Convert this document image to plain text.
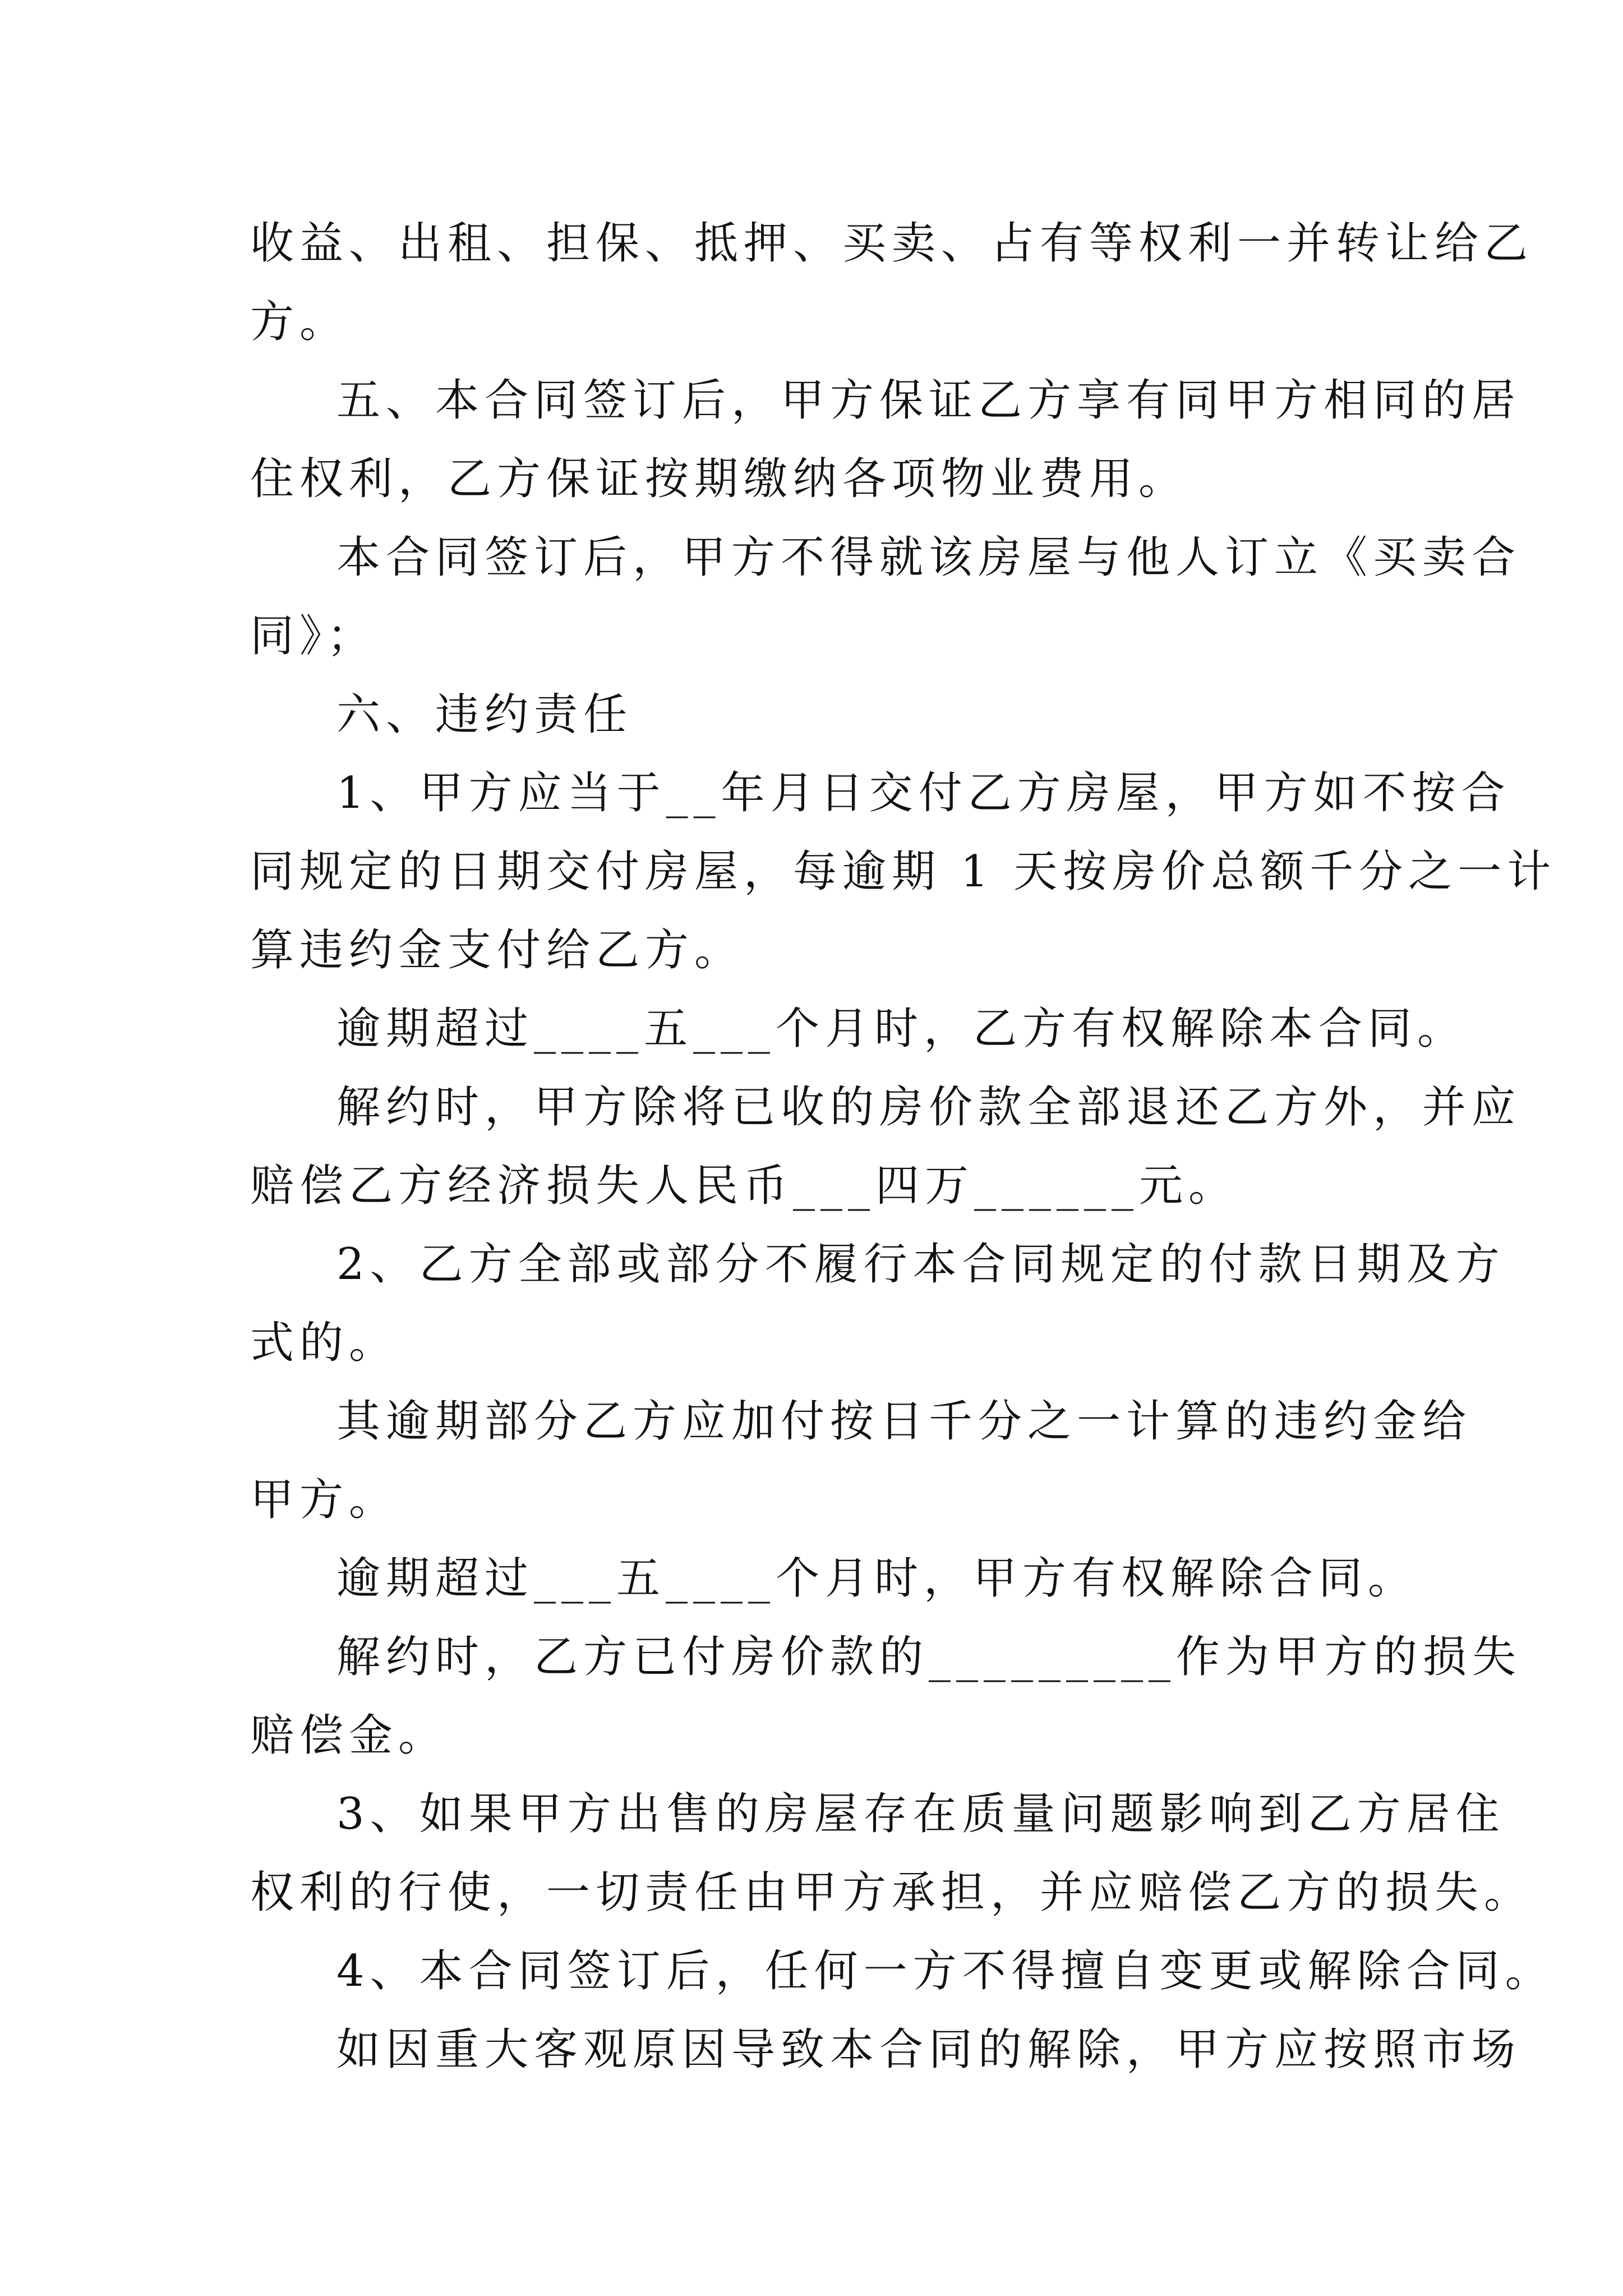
收益、出租、担保、抵押、买卖、占有等权利一并转让给乙

方。

五、本合同签订后，甲方保证乙方享有同甲方相同的居

住权利，乙方保证按期缴纳各项物业费用。

本合同签订后，甲方不得就该房屋与他人订立《买卖合

同》；

六、违约责任

1、甲方应当于__年月日交付乙方房屋，甲方如不按合

同规定的日期交付房屋，每逾期 1 天按房价总额千分之一计

算违约金支付给乙方。

逾期超过____五___个月时，乙方有权解除本合同。

解约时，甲方除将已收的房价款全部退还乙方外，并应

赔偿乙方经济损失人民币___四万______元。

2、乙方全部或部分不履行本合同规定的付款日期及方

式的。

其逾期部分乙方应加付按日千分之一计算的违约金给

甲方。

逾期超过___五____个月时，甲方有权解除合同。

解约时，乙方已付房价款的_________作为甲方的损失

赔偿金。

3、如果甲方出售的房屋存在质量问题影响到乙方居住

权利的行使，一切责任由甲方承担，并应赔偿乙方的损失。

4、本合同签订后，任何一方不得擅自变更或解除合同。

如因重大客观原因导致本合同的解除，甲方应按照市场
